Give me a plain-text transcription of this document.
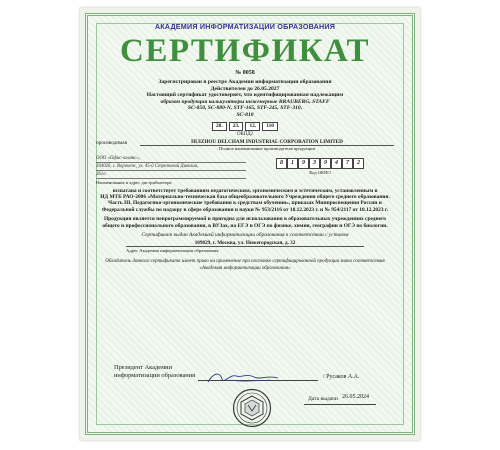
АКАДЕМИЯ ИНФОРМАТИЗАЦИИ ОБРАЗОВАНИЯ
СЕРТИФИКАТ
№ 0058
Зарегистрирован в реестре Академии информатизации образования
Действителен до 26.05.2027
Настоящий сертификат удостоверяет, что идентифицированная надлежащим
образом продукция калькуляторы инженерные BRAUBERG, STAFF
SC-850, SC-880-N, STF-165, STF-245, STF-310,
SC-810
28.	23.	12.	110
ОКПД2
производимая	HUIZHOU DELCHAM INDUSTRIAL CORPORATION LIMITED
Полное наименование производителя продукции
ООО «Офис-альянс»,
394026, г. Воронеж, ул. 45-й Стрелковой Дивизии,
261а
8	1	9	3	9	4	7	2
Код ОКПО
Наименование и адрес дистрибьютора
испытана и соответствует требованиям педагогическим, эргономическим и эстетическим, установленным в
ИД МТБ РАО-2006 «Материально-техническая база общеобразовательного Учреждения общего среднего образования. Часть III. Педагогико-эргономические требования к средствам обучения», приказах Минпросвещения России и Федеральной службы по надзору в сфере образования и науки № 953/2116 от 18.12.2023 г. и № 954/2117 от 18.12.2023 г.
Продукция является непрограммируемой и пригодна для использования в образовательных учреждениях среднего общего и профессионального образования, в ВУЗах, на ЕГЭ и ОГЭ по физике, химии, географии и ОГЭ по биологии.
Сертификат выдан Академией информатизации образования в соответствии с уставом
109029, г. Москва, ул. Нижегородская, д. 32
Адрес Академии информатизации образования
Обладатель данного сертификата имеет право на применение при поставке сертифицированной продукции знака соответствия «Академия информатизации образования»
Президент Академии
информатизации образования	/ Русаков А.А.
Дата выдачи 26.05.2024
